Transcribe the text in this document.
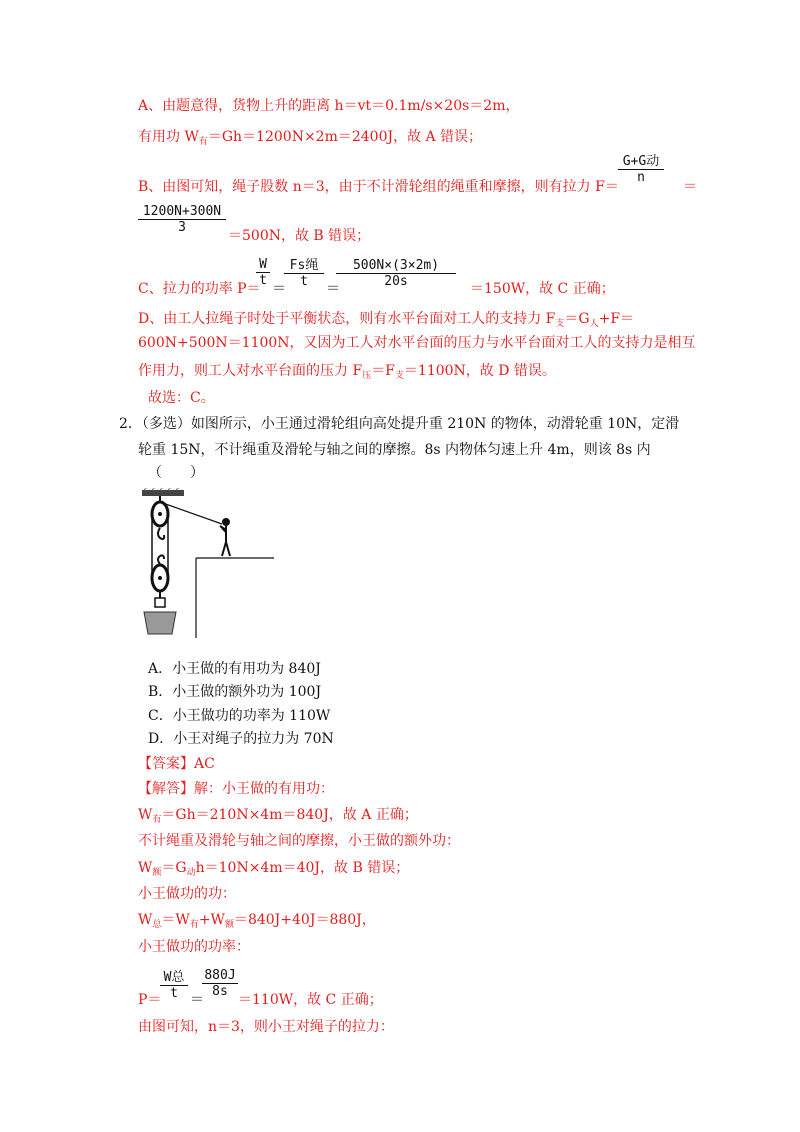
A、由题意得，货物上升的距离 h＝vt＝0.1m/s×20s＝2m，
有用功 $W_有=Gh=1200N\times 2m=2400J$，故 A 错误；
B、由图可知，绳子股数 n＝3，由于不计滑轮组的绳重和摩擦，则有拉力 F＝
G+G动
n
＝
1200N+300N
3
＝500N，故 B 错误；
C、拉力的功率 P＝
W
t
＝
Fs绳
t	＝
500N×(3×2m)
20s	＝150W，故 C 正确；
D、由工人拉绳子时处于平衡状态，则有水平台面对工人的支持力 $F_支=G_人+F=$
600N+500N＝1100N，又因为工人对水平台面的压力与水平台面对工人的支持力是相互
作用力，则工人对水平台面的压力 $F_压=F_支=1100N$，故 D 错误。
故选：C。
2．（多选）如图所示，小王通过滑轮组向高处提升重 210N 的物体，动滑轮重 10N，定滑
轮重 15N，不计绳重及滑轮与轴之间的摩擦。8s 内物体匀速上升 4m，则该 8s 内
（　　）
A．小王做的有用功为 840J
B．小王做的额外功为 100J
C．小王做功的功率为 110W
D．小王对绳子的拉力为 70N
【答案】AC
【解答】解：小王做的有用功：
$W_有=Gh=210N\times 4m=840J$，故 A 正确；
不计绳重及滑轮与轴之间的摩擦，小王做的额外功：
$W_额=G_动h=10N\times 4m=40J$，故 B 错误；
小王做功的功：
$W_总=W_有+W_额=840J+40J=880J$，
小王做功的功率：
P＝
W总
t ＝
880J
8s
＝110W，故 C 正确；
由图可知，n＝3，则小王对绳子的拉力：
